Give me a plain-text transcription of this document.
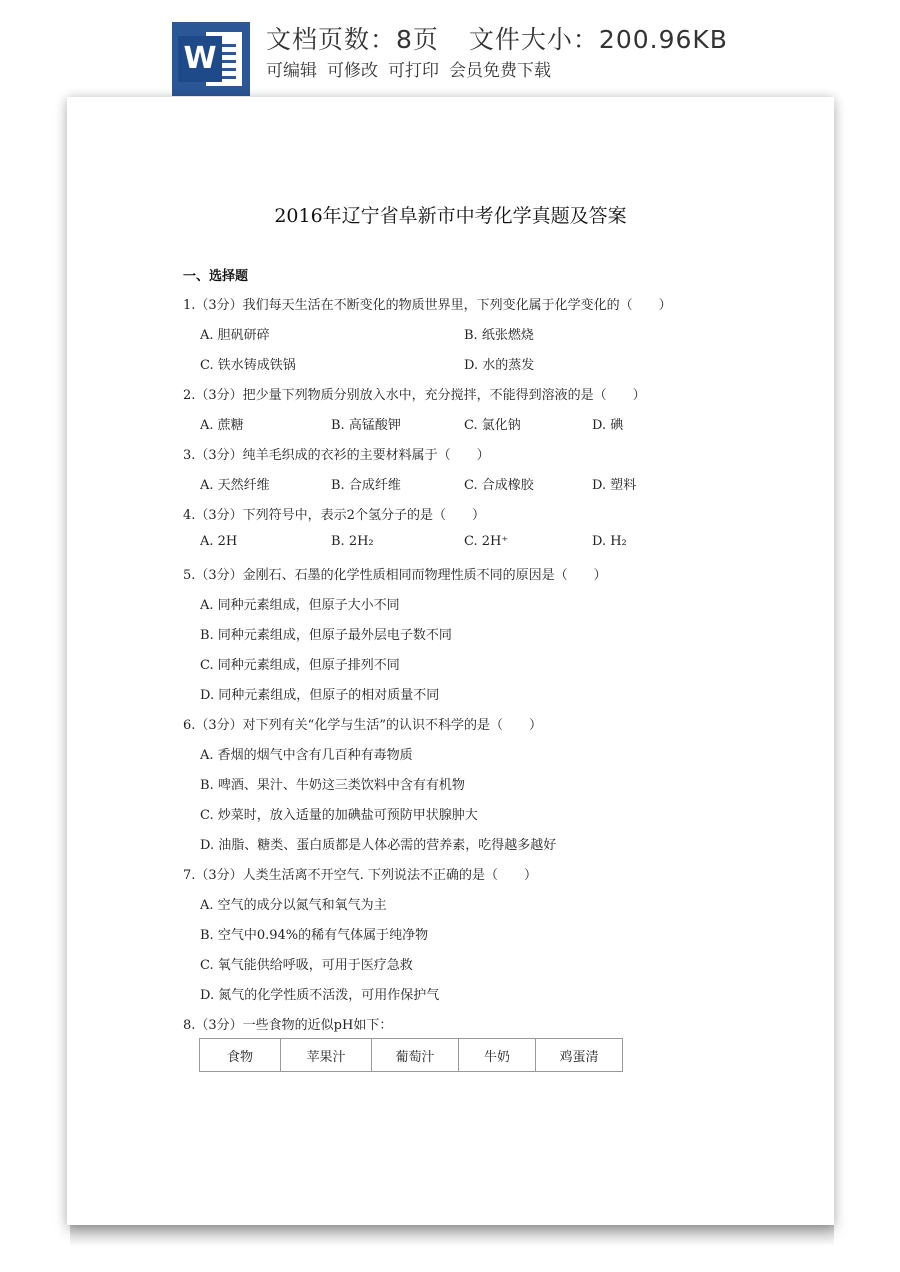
W
文档页数：8页 文件大小：200.96KB
可编辑 可修改 可打印 会员免费下载
2016年辽宁省阜新市中考化学真题及答案
一、选择题
1.（3分）我们每天生活在不断变化的物质世界里，下列变化属于化学变化的（　　）
A. 胆矾研碎	B. 纸张燃烧
C. 铁水铸成铁锅	D. 水的蒸发
2.（3分）把少量下列物质分别放入水中，充分搅拌，不能得到溶液的是（　　）
A. 蔗糖	B. 高锰酸钾	C. 氯化钠	D. 碘
3.（3分）纯羊毛织成的衣衫的主要材料属于（　　）
A. 天然纤维	B. 合成纤维	C. 合成橡胶	D. 塑料
4.（3分）下列符号中，表示2个氢分子的是（　　）
A. 2H	B. 2H₂	C. 2H⁺	D. H₂
5.（3分）金刚石、石墨的化学性质相同而物理性质不同的原因是（　　）
A. 同种元素组成，但原子大小不同
B. 同种元素组成，但原子最外层电子数不同
C. 同种元素组成，但原子排列不同
D. 同种元素组成，但原子的相对质量不同
6.（3分）对下列有关“化学与生活”的认识不科学的是（　　）
A. 香烟的烟气中含有几百种有毒物质
B. 啤酒、果汁、牛奶这三类饮料中含有有机物
C. 炒菜时，放入适量的加碘盐可预防甲状腺肿大
D. 油脂、糖类、蛋白质都是人体必需的营养素，吃得越多越好
7.（3分）人类生活离不开空气. 下列说法不正确的是（　　）
A. 空气的成分以氮气和氧气为主
B. 空气中0.94%的稀有气体属于纯净物
C. 氧气能供给呼吸，可用于医疗急救
D. 氮气的化学性质不活泼，可用作保护气
8.（3分）一些食物的近似pH如下：
食物	苹果汁	葡萄汁	牛奶	鸡蛋清
